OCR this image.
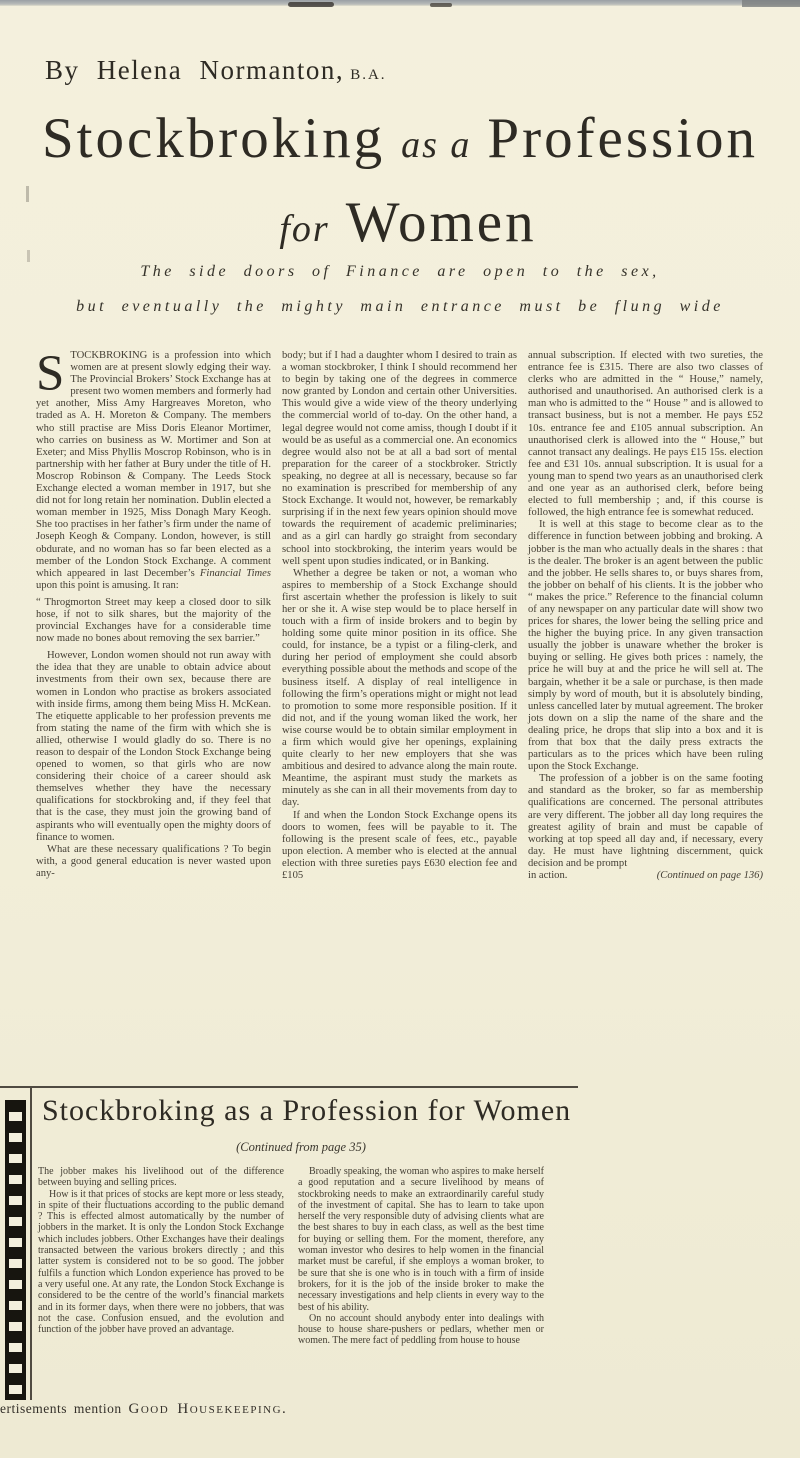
By Helena Normanton, B.A.
Stockbroking as a Profession
for Women
The side doors of Finance are open to the sex,
but eventually the mighty main entrance must be flung wide

STOCKBROKING is a profession into which women are at present slowly edging their way. The Provincial Brokers’ Stock Exchange has at present two women members and formerly had yet another, Miss Amy Hargreaves Moreton, who traded as A. H. Moreton & Company. The members who still practise are Miss Doris Eleanor Mortimer, who carries on business as W. Mortimer and Son at Exeter; and Miss Phyllis Moscrop Robinson, who is in partnership with her father at Bury under the title of H. Moscrop Robinson & Company. The Leeds Stock Exchange elected a woman member in 1917, but she did not for long retain her nomination. Dublin elected a woman member in 1925, Miss Donagh Mary Keogh. She too practises in her father’s firm under the name of Joseph Keogh & Company. London, however, is still obdurate, and no woman has so far been elected as a member of the London Stock Exchange. A comment which appeared in last December’s Financial Times upon this point is amusing. It ran:

“ Throgmorton Street may keep a closed door to silk hose, if not to silk shares, but the majority of the provincial Exchanges have for a considerable time now made no bones about removing the sex barrier.”

However, London women should not run away with the idea that they are unable to obtain advice about investments from their own sex, because there are women in London who practise as brokers associated with inside firms, among them being Miss H. McKean. The etiquette applicable to her profession prevents me from stating the name of the firm with which she is allied, otherwise I would gladly do so. There is no reason to despair of the London Stock Exchange being opened to women, so that girls who are now considering their choice of a career should ask themselves whether they have the necessary qualifications for stockbroking and, if they feel that that is the case, they must join the growing band of aspirants who will eventually open the mighty doors of finance to women.

What are these necessary qualifications ? To begin with, a good general education is never wasted upon any-

body; but if I had a daughter whom I desired to train as a woman stockbroker, I think I should recommend her to begin by taking one of the degrees in commerce now granted by London and certain other Universities. This would give a wide view of the theory underlying the commercial world of to-day. On the other hand, a legal degree would not come amiss, though I doubt if it would be as useful as a commercial one. An economics degree would also not be at all a bad sort of mental preparation for the career of a stockbroker. Strictly speaking, no degree at all is necessary, because so far no examination is prescribed for membership of any Stock Exchange. It would not, however, be remarkably surprising if in the next few years opinion should move towards the requirement of academic preliminaries; and as a girl can hardly go straight from secondary school into stockbroking, the interim years would be well spent upon studies indicated, or in Banking.

Whether a degree be taken or not, a woman who aspires to membership of a Stock Exchange should first ascertain whether the profession is likely to suit her or she it. A wise step would be to place herself in touch with a firm of inside brokers and to begin by holding some quite minor position in its office. She could, for instance, be a typist or a filing-clerk, and during her period of employment she could absorb everything possible about the methods and scope of the business itself. A display of real intelligence in following the firm’s operations might or might not lead to promotion to some more responsible position. If it did not, and if the young woman liked the work, her wise course would be to obtain similar employment in a firm which would give her openings, explaining quite clearly to her new employers that she was ambitious and desired to advance along the main route. Meantime, the aspirant must study the markets as minutely as she can in all their movements from day to day.

If and when the London Stock Exchange opens its doors to women, fees will be payable to it. The following is the present scale of fees, etc., payable upon election. A member who is elected at the annual election with three sureties pays £630 election fee and £105

annual subscription. If elected with two sureties, the entrance fee is £315. There are also two classes of clerks who are admitted in the “ House,” namely, authorised and unauthorised. An authorised clerk is a man who is admitted to the “ House ” and is allowed to transact business, but is not a member. He pays £52 10s. entrance fee and £105 annual subscription. An unauthorised clerk is allowed into the “ House,” but cannot transact any dealings. He pays £15 15s. election fee and £31 10s. annual subscription. It is usual for a young man to spend two years as an unauthorised clerk and one year as an authorised clerk, before being elected to full membership ; and, if this course is followed, the high entrance fee is somewhat reduced.

It is well at this stage to become clear as to the difference in function between jobbing and broking. A jobber is the man who actually deals in the shares : that is the dealer. The broker is an agent between the public and the jobber. He sells shares to, or buys shares from, the jobber on behalf of his clients. It is the jobber who “ makes the price.” Reference to the financial column of any newspaper on any particular date will show two prices for shares, the lower being the selling price and the higher the buying price. In any given transaction usually the jobber is unaware whether the broker is buying or selling. He gives both prices : namely, the price he will buy at and the price he will sell at. The bargain, whether it be a sale or purchase, is then made simply by word of mouth, but it is absolutely binding, unless cancelled later by mutual agreement. The broker jots down on a slip the name of the share and the dealing price, he drops that slip into a box and it is from that box that the daily press extracts the particulars as to the prices which have been ruling upon the Stock Exchange.

The profession of a jobber is on the same footing and standard as the broker, so far as membership qualifications are concerned. The personal attributes are very different. The jobber all day long requires the greatest agility of brain and must be capable of working at top speed all day and, if necessary, every day. He must have lightning discernment, quick decision and be prompt

in action.	(Continued on page 136)

Stockbroking as a Profession for Women
(Continued from page 35)

The jobber makes his livelihood out of the difference between buying and selling prices.

How is it that prices of stocks are kept more or less steady, in spite of their fluctuations according to the public demand ? This is effected almost automatically by the number of jobbers in the market. It is only the London Stock Exchange which includes jobbers. Other Exchanges have their dealings transacted between the various brokers directly ; and this latter system is considered not to be so good. The jobber fulfils a function which London experience has proved to be a very useful one. At any rate, the London Stock Exchange is considered to be the centre of the world’s financial markets and in its former days, when there were no jobbers, that was not the case. Confusion ensued, and the evolution and function of the jobber have proved an advantage.

Broadly speaking, the woman who aspires to make herself a good reputation and a secure livelihood by means of stockbroking needs to make an extraordinarily careful study of the investment of capital. She has to learn to take upon herself the very responsible duty of advising clients what are the best shares to buy in each class, as well as the best time for buying or selling them. For the moment, therefore, any woman investor who desires to help women in the financial market must be careful, if she employs a woman broker, to be sure that she is one who is in touch with a firm of inside brokers, for it is the job of the inside broker to make the necessary investigations and help clients in every way to the best of his ability.

On no account should anybody enter into dealings with house to house share-pushers or pedlars, whether men or women. The mere fact of peddling from house to house

ertisements mention Good Housekeeping.
